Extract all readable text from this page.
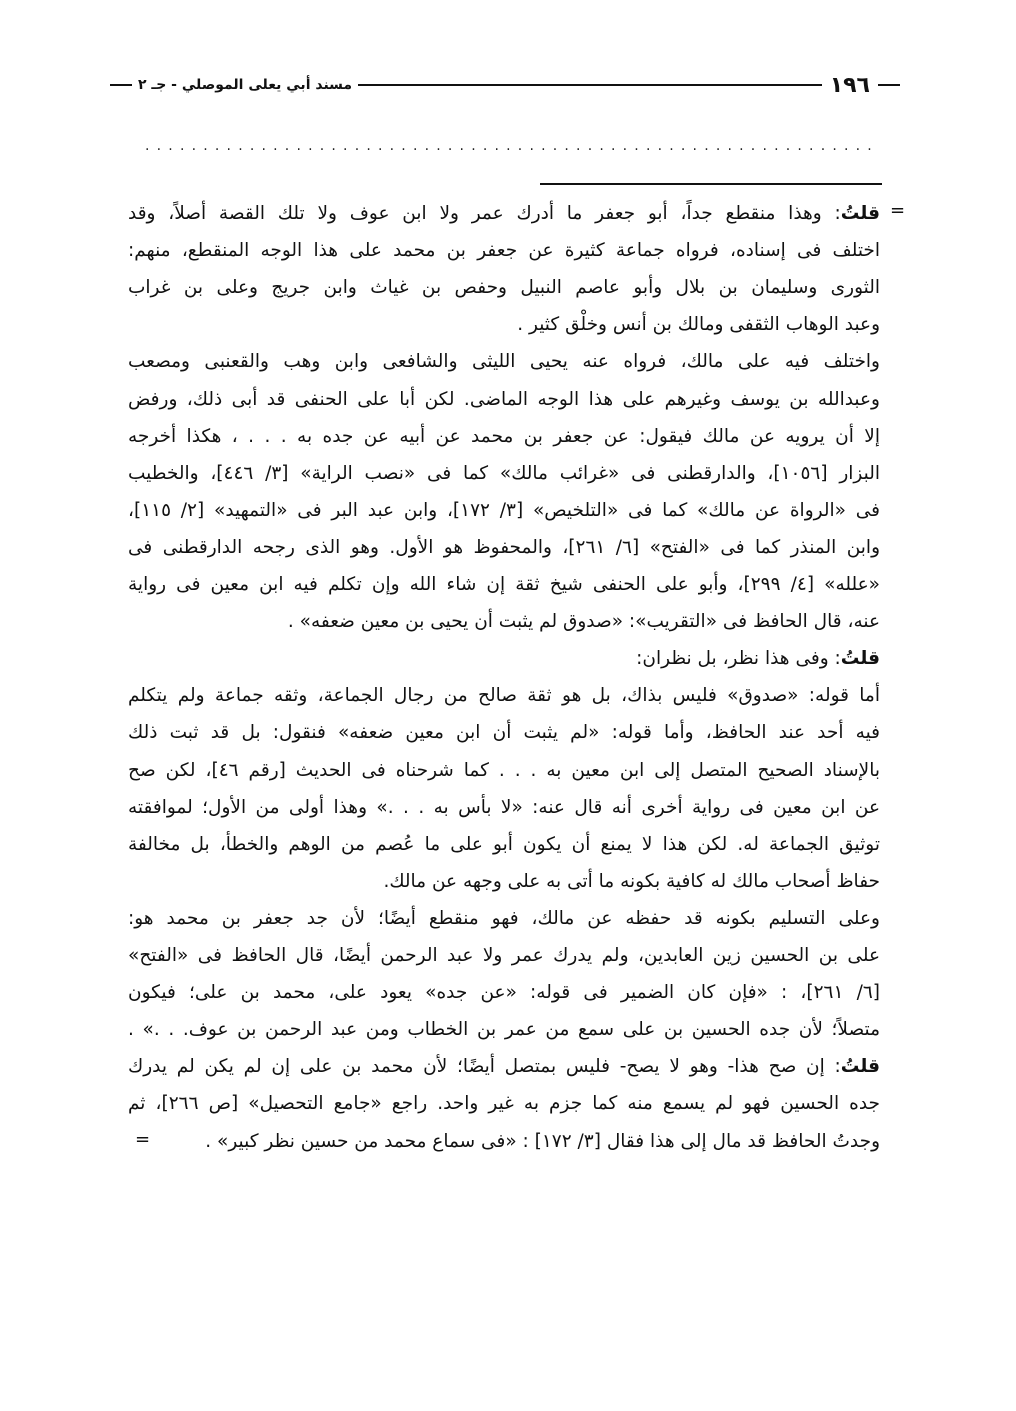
١٩٦
مسند أبي يعلى الموصلي - جـ ٢
...............................................................
=
قلتُ: وهذا منقطع جداً، أبو جعفر ما أدرك عمر ولا ابن عوف ولا تلك القصة أصلاً، وقد
اختلف فى إسناده، فرواه جماعة كثيرة عن جعفر بن محمد على هذا الوجه المنقطع، منهم:
الثورى وسليمان بن بلال وأبو عاصم النبيل وحفص بن غياث وابن جريج وعلى بن غراب
وعبد الوهاب الثقفى ومالك بن أنس وخلْق كثير .
واختلف فيه على مالك، فرواه عنه يحيى الليثى والشافعى وابن وهب والقعنبى ومصعب
وعبدالله بن يوسف وغيرهم على هذا الوجه الماضى. لكن أبا على الحنفى قد أبى ذلك، ورفض
إلا أن يرويه عن مالك فيقول: عن جعفر بن محمد عن أبيه عن جده به . . . ، هكذا أخرجه
البزار [١٠٥٦]، والدارقطنى فى «غرائب مالك» كما فى «نصب الراية» [٣/ ٤٤٦]، والخطيب
فى «الرواة عن مالك» كما فى «التلخيص» [٣/ ١٧٢]، وابن عبد البر فى «التمهيد» [٢/ ١١٥]،
وابن المنذر كما فى «الفتح» [٦/ ٢٦١]، والمحفوظ هو الأول. وهو الذى رجحه الدارقطنى فى
«علله» [٤/ ٢٩٩]، وأبو على الحنفى شيخ ثقة إن شاء الله وإن تكلم فيه ابن معين فى رواية
عنه، قال الحافظ فى «التقريب»: «صدوق لم يثبت أن يحيى بن معين ضعفه» .
قلتُ: وفى هذا نظر، بل نظران:
أما قوله: «صدوق» فليس بذاك، بل هو ثقة صالح من رجال الجماعة، وثقه جماعة ولم يتكلم
فيه أحد عند الحافظ، وأما قوله: «لم يثبت أن ابن معين ضعفه» فنقول: بل قد ثبت ذلك
بالإسناد الصحيح المتصل إلى ابن معين به . . . كما شرحناه فى الحديث [رقم ٤٦]، لكن صح
عن ابن معين فى رواية أخرى أنه قال عنه: «لا بأس به . . .» وهذا أولى من الأول؛ لموافقته
توثيق الجماعة له. لكن هذا لا يمنع أن يكون أبو على ما عُصم من الوهم والخطأ، بل مخالفة
حفاظ أصحاب مالك له كافية بكونه ما أتى به على وجهه عن مالك.
وعلى التسليم بكونه قد حفظه عن مالك، فهو منقطع أيضًا؛ لأن جد جعفر بن محمد هو:
على بن الحسين زين العابدين، ولم يدرك عمر ولا عبد الرحمن أيضًا، قال الحافظ فى «الفتح»
[٦/ ٢٦١]، : «فإن كان الضمير فى قوله: «عن جده» يعود على، محمد بن على؛ فيكون
متصلاً؛ لأن جده الحسين بن على سمع من عمر بن الخطاب ومن عبد الرحمن بن عوف. . .» .
قلتُ: إن صح هذا- وهو لا يصح- فليس بمتصل أيضًا؛ لأن محمد بن على إن لم يكن لم يدرك
جده الحسين فهو لم يسمع منه كما جزم به غير واحد. راجع «جامع التحصيل» [ص ٢٦٦]، ثم
وجدتُ الحافظ قد مال إلى هذا فقال [٣/ ١٧٢] : «فى سماع محمد من حسين نظر كبير» .
=
